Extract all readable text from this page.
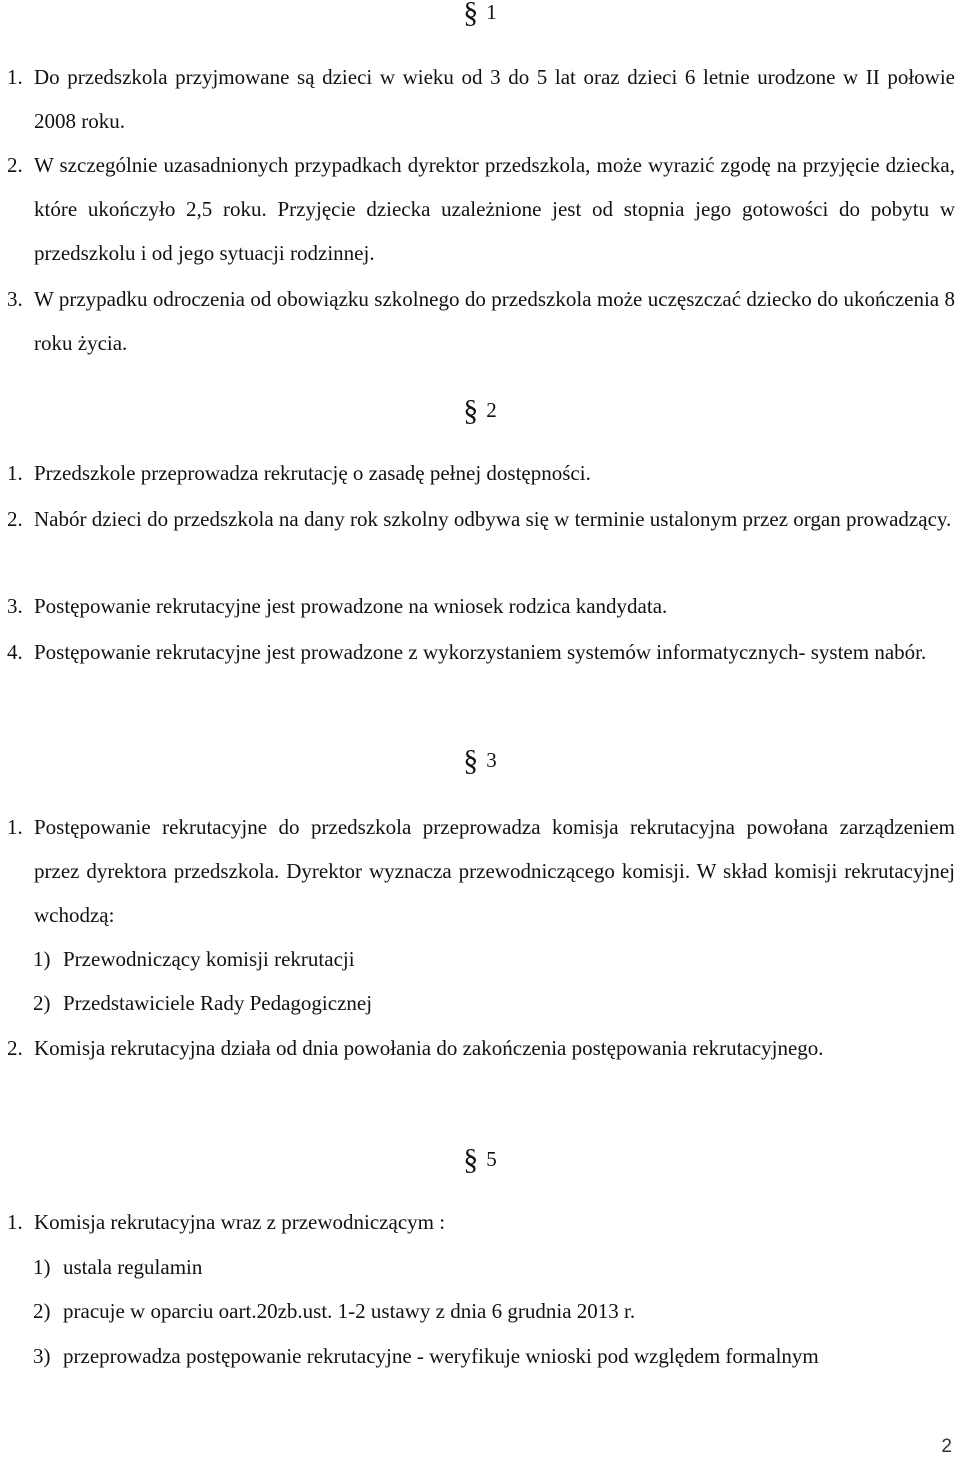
§ 1
1. Do przedszkola przyjmowane są dzieci w wieku od 3 do 5 lat oraz dzieci 6 letnie urodzone w II połowie 2008 roku.
2. W szczególnie uzasadnionych przypadkach dyrektor przedszkola, może wyrazić zgodę na przyjęcie dziecka, które ukończyło 2,5 roku. Przyjęcie dziecka uzależnione jest od stopnia jego gotowości do pobytu w przedszkolu i od jego sytuacji rodzinnej.
3. W przypadku odroczenia od obowiązku szkolnego do przedszkola może uczęszczać dziecko do ukończenia 8 roku życia.
§ 2
1. Przedszkole przeprowadza rekrutację o zasadę pełnej dostępności.
2. Nabór dzieci do przedszkola na dany rok szkolny odbywa się w terminie ustalonym przez organ prowadzący.
3. Postępowanie rekrutacyjne jest prowadzone na wniosek rodzica kandydata.
4. Postępowanie rekrutacyjne jest prowadzone z wykorzystaniem systemów informatycznych- system nabór.
§ 3
1. Postępowanie rekrutacyjne do przedszkola przeprowadza komisja rekrutacyjna powołana zarządzeniem przez dyrektora przedszkola. Dyrektor wyznacza przewodniczącego komisji. W skład komisji rekrutacyjnej wchodzą:
1) Przewodniczący komisji rekrutacji
2) Przedstawiciele Rady Pedagogicznej
2. Komisja rekrutacyjna działa od dnia powołania do zakończenia postępowania rekrutacyjnego.
§ 5
1. Komisja rekrutacyjna wraz z przewodniczącym :
1) ustala regulamin
2) pracuje w oparciu oart.20zb.ust. 1-2 ustawy z dnia 6 grudnia 2013 r.
3) przeprowadza postępowanie rekrutacyjne - weryfikuje wnioski pod względem formalnym
2
